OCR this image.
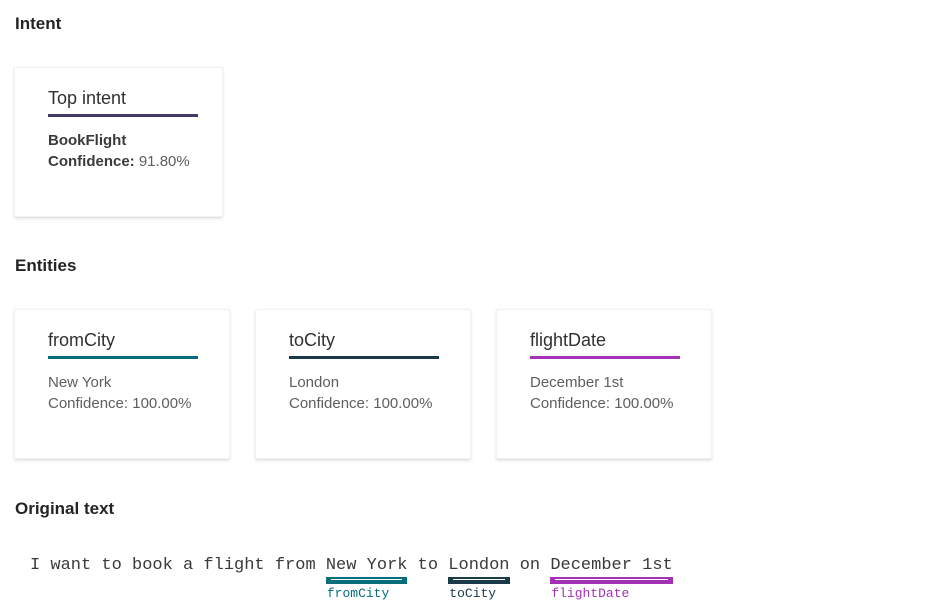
Intent
Top intent
BookFlight
Confidence: 91.80%
Entities
fromCity
New York
Confidence: 100.00%
toCity
London
Confidence: 100.00%
flightDate
December 1st
Confidence: 100.00%
Original text
I want to book a flight from New York
fromCity
to London
toCity
on December 1st
flightDate
